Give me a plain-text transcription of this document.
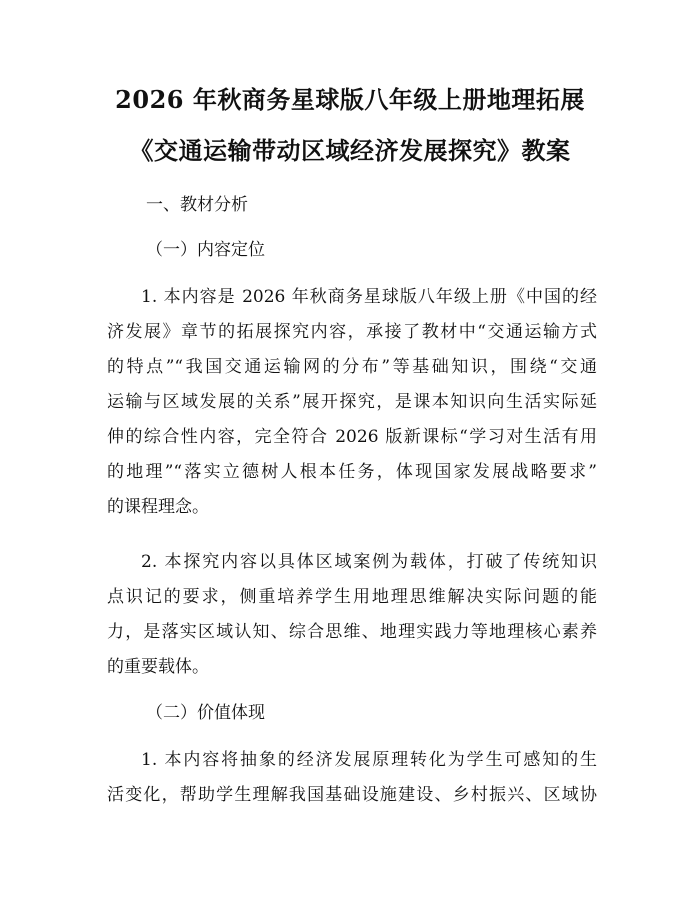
2026 年秋商务星球版八年级上册地理拓展
《交通运输带动区域经济发展探究》教案
一、教材分析
（一）内容定位
1. 本内容是 2026 年秋商务星球版八年级上册《中国的经
济发展》章节的拓展探究内容，承接了教材中“交通运输方式
的特点”“我国交通运输网的分布”等基础知识，围绕“交通
运输与区域发展的关系”展开探究，是课本知识向生活实际延
伸的综合性内容，完全符合 2026 版新课标“学习对生活有用
的地理”“落实立德树人根本任务，体现国家发展战略要求”
的课程理念。
2. 本探究内容以具体区域案例为载体，打破了传统知识
点识记的要求，侧重培养学生用地理思维解决实际问题的能
力，是落实区域认知、综合思维、地理实践力等地理核心素养
的重要载体。
（二）价值体现
1. 本内容将抽象的经济发展原理转化为学生可感知的生
活变化，帮助学生理解我国基础设施建设、乡村振兴、区域协
